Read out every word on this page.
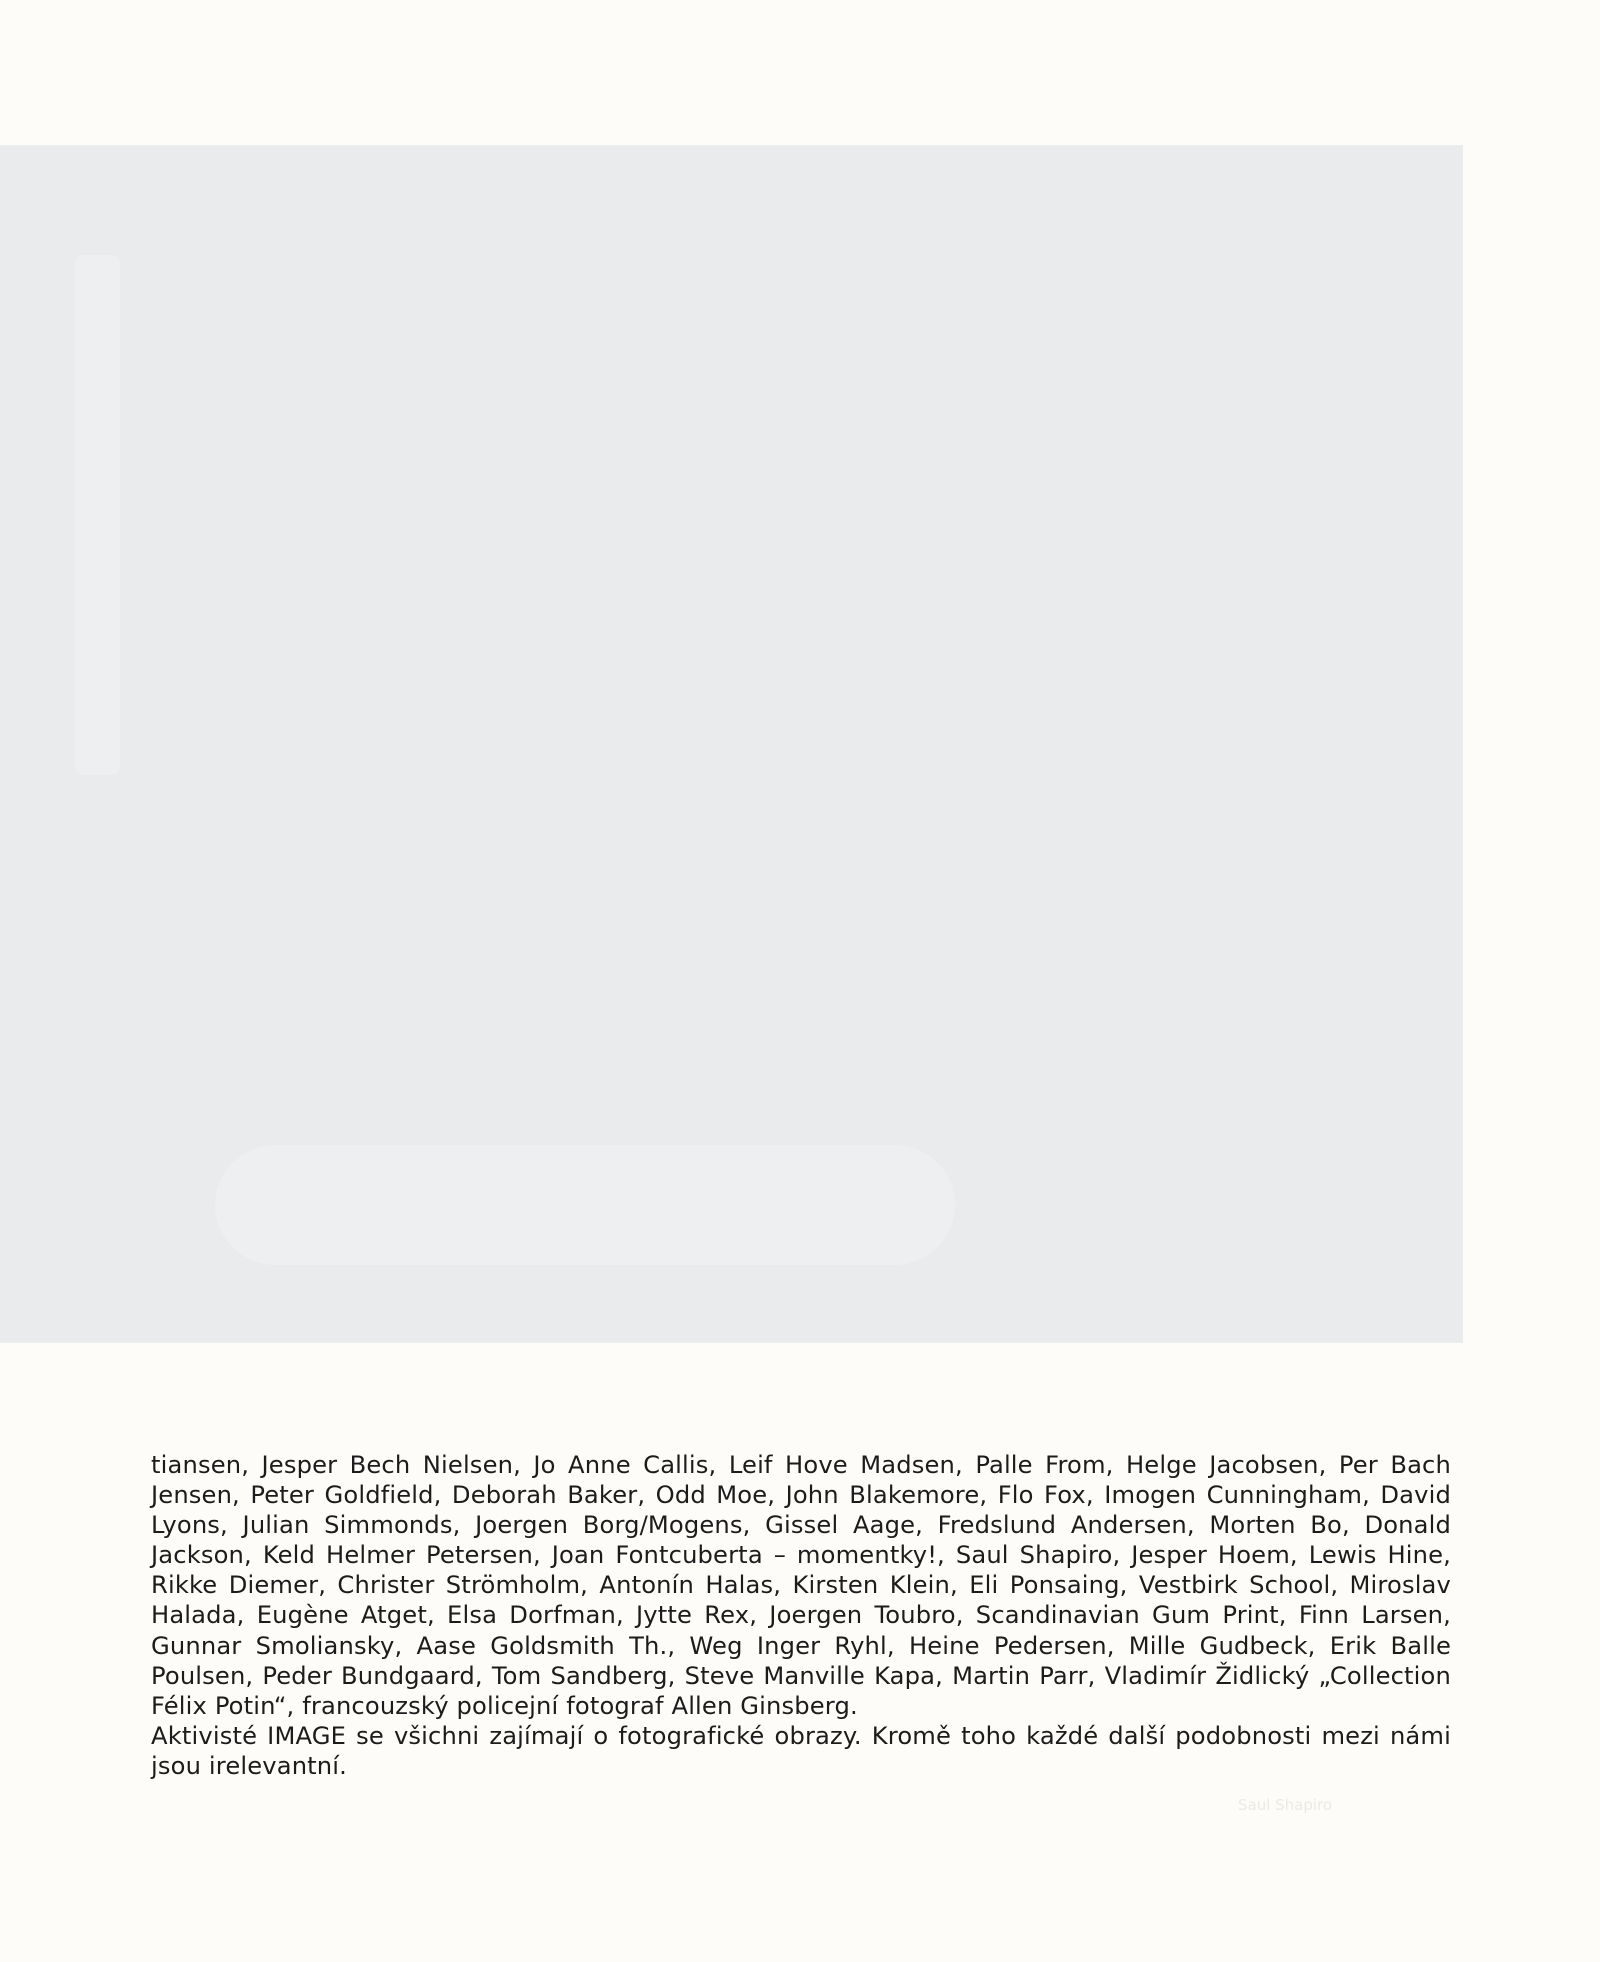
tiansen, Jesper Bech Nielsen, Jo Anne Callis, Leif Hove Madsen, Palle From, Helge Jacobsen, Per Bach Jensen, Peter Goldfield, Deborah Baker, Odd Moe, John Blakemore, Flo Fox, Imogen Cunningham, David Lyons, Julian Simmonds, Joergen Borg/Mogens, Gissel Aage, Fredslund Andersen, Morten Bo, Donald Jackson, Keld Helmer Petersen, Joan Fontcuberta – momentky!, Saul Shapiro, Jesper Hoem, Lewis Hine, Rikke Diemer, Christer Strömholm, Antonín Halas, Kirsten Klein, Eli Ponsaing, Vestbirk School, Miroslav Halada, Eugène Atget, Elsa Dorfman, Jytte Rex, Joergen Toubro, Scandinavian Gum Print, Finn Larsen, Gunnar Smoliansky, Aase Goldsmith Th., Weg Inger Ryhl, Heine Pedersen, Mille Gudbeck, Erik Balle Poulsen, Peder Bundgaard, Tom Sandberg, Steve Manville Kapa, Martin Parr, Vladimír Židlický „Collection Félix Potin“, francouzský policejní fotograf Allen Ginsberg.

Aktivisté IMAGE se všichni zajímají o fotografické obrazy. Kromě toho každé další podobnosti mezi námi jsou irelevantní.

Saul Shapiro
